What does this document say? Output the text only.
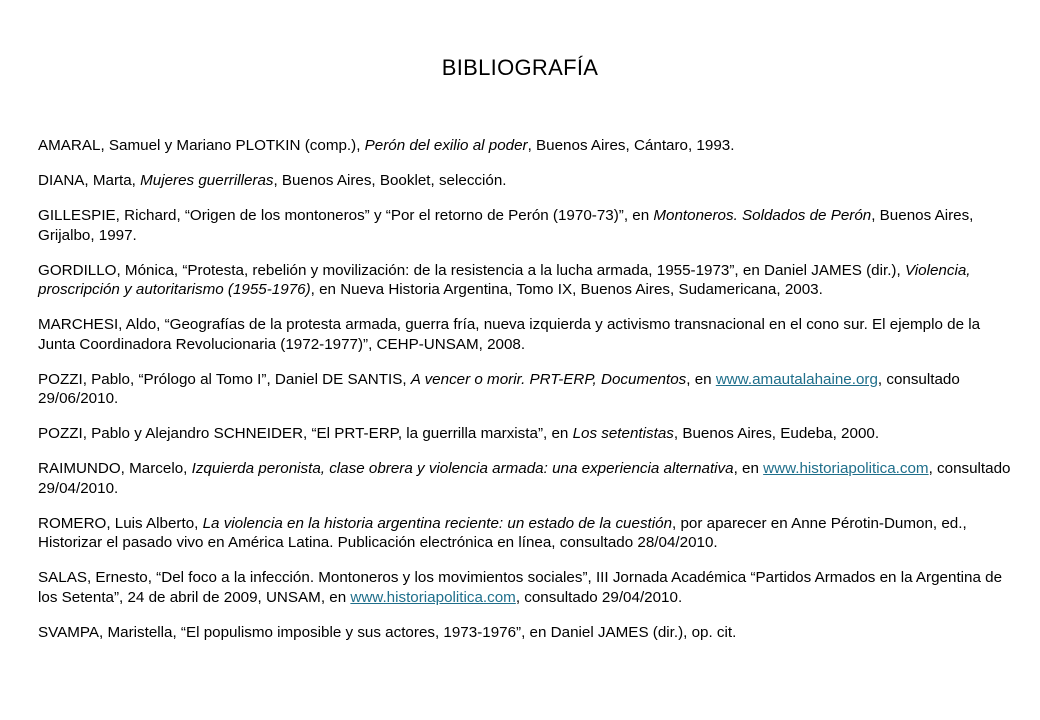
BIBLIOGRAFÍA

AMARAL, Samuel y Mariano PLOTKIN (comp.), Perón del exilio al poder, Buenos Aires, Cántaro, 1993.

DIANA, Marta, Mujeres guerrilleras, Buenos Aires, Booklet, selección.

GILLESPIE, Richard, “Origen de los montoneros” y “Por el retorno de Perón (1970-73)”, en Montoneros. Soldados de Perón, Buenos Aires, Grijalbo, 1997.

GORDILLO, Mónica, “Protesta, rebelión y movilización: de la resistencia a la lucha armada, 1955-1973”, en Daniel JAMES (dir.), Violencia, proscripción y autoritarismo (1955-1976), en Nueva Historia Argentina, Tomo IX, Buenos Aires, Sudamericana, 2003.

MARCHESI, Aldo, “Geografías de la protesta armada, guerra fría, nueva izquierda y activismo transnacional en el cono sur. El ejemplo de la Junta Coordinadora Revolucionaria (1972-1977)”, CEHP-UNSAM, 2008.

POZZI, Pablo, “Prólogo al Tomo I”, Daniel DE SANTIS, A vencer o morir. PRT-ERP, Documentos, en www.amautalahaine.org, consultado 29/06/2010.

POZZI, Pablo y Alejandro SCHNEIDER, “El PRT-ERP, la guerrilla marxista”, en Los setentistas, Buenos Aires, Eudeba, 2000.

RAIMUNDO, Marcelo, Izquierda peronista, clase obrera y violencia armada: una experiencia alternativa, en www.historiapolitica.com, consultado 29/04/2010.

ROMERO, Luis Alberto, La violencia en la historia argentina reciente: un estado de la cuestión, por aparecer en Anne Pérotin-Dumon, ed., Historizar el pasado vivo en América Latina. Publicación electrónica en línea, consultado 28/04/2010.

SALAS, Ernesto, “Del foco a la infección. Montoneros y los movimientos sociales”, III Jornada Académica “Partidos Armados en la Argentina de los Setenta”, 24 de abril de 2009, UNSAM, en www.historiapolitica.com, consultado 29/04/2010.

SVAMPA, Maristella, “El populismo imposible y sus actores, 1973-1976”, en Daniel JAMES (dir.), op. cit.
